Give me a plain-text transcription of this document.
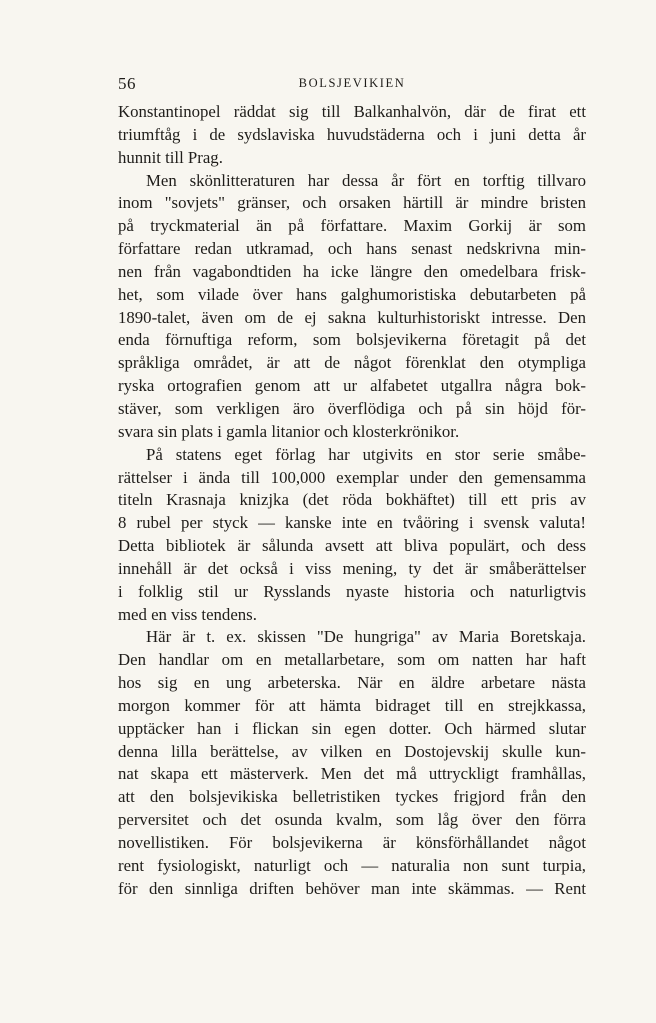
56	BOLSJEVIKIEN
Konstantinopel räddat sig till Balkanhalvön, där de firat ett
triumftåg i de sydslaviska huvudstäderna och i juni detta år
hunnit till Prag.
Men skönlitteraturen har dessa år fört en torftig tillvaro
inom "sovjets" gränser, och orsaken härtill är mindre bristen
på tryckmaterial än på författare. Maxim Gorkij är som
författare redan utkramad, och hans senast nedskrivna min-
nen från vagabondtiden ha icke längre den omedelbara frisk-
het, som vilade över hans galghumoristiska debutarbeten på
1890-talet, även om de ej sakna kulturhistoriskt intresse. Den
enda förnuftiga reform, som bolsjevikerna företagit på det
språkliga området, är att de något förenklat den otympliga
ryska ortografien genom att ur alfabetet utgallra några bok-
stäver, som verkligen äro överflödiga och på sin höjd för-
svara sin plats i gamla litanior och klosterkrönikor.
På statens eget förlag har utgivits en stor serie småbe-
rättelser i ända till 100,000 exemplar under den gemensamma
titeln Krasnaja knizjka (det röda bokhäftet) till ett pris av
8 rubel per styck — kanske inte en tvåöring i svensk valuta!
Detta bibliotek är sålunda avsett att bliva populärt, och dess
innehåll är det också i viss mening, ty det är småberättelser
i folklig stil ur Rysslands nyaste historia och naturligtvis
med en viss tendens.
Här är t. ex. skissen "De hungriga" av Maria Boretskaja.
Den handlar om en metallarbetare, som om natten har haft
hos sig en ung arbeterska. När en äldre arbetare nästa
morgon kommer för att hämta bidraget till en strejkkassa,
upptäcker han i flickan sin egen dotter. Och härmed slutar
denna lilla berättelse, av vilken en Dostojevskij skulle kun-
nat skapa ett mästerverk. Men det må uttryckligt framhållas,
att den bolsjevikiska belletristiken tyckes frigjord från den
perversitet och det osunda kvalm, som låg över den förra
novellistiken. För bolsjevikerna är könsförhållandet något
rent fysiologiskt, naturligt och — naturalia non sunt turpia,
för den sinnliga driften behöver man inte skämmas. — Rent
